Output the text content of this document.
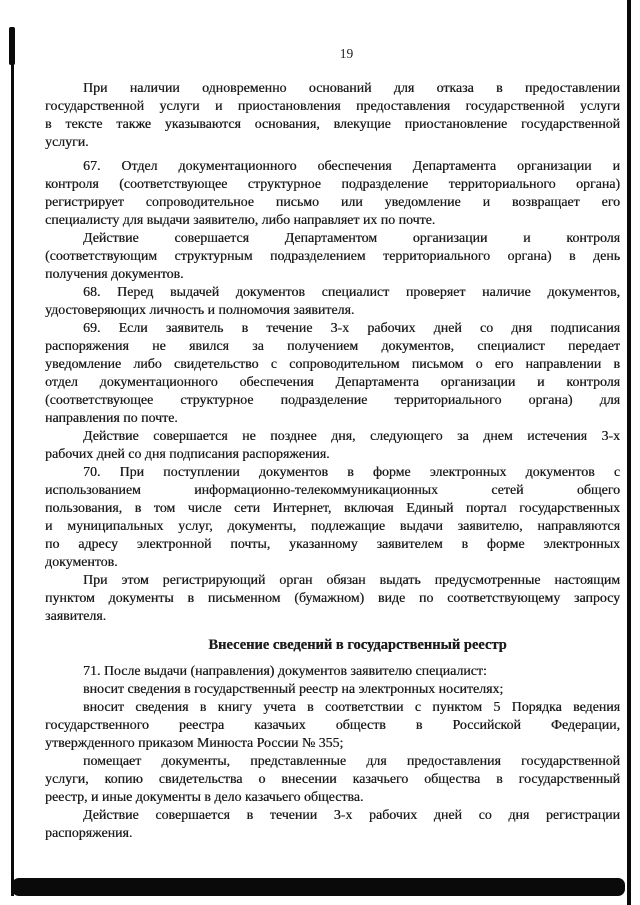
19
При наличии одновременно оснований для отказа в предоставлении
государственной услуги и приостановления предоставления государственной услуги
в тексте также указываются основания, влекущие приостановление государственной
услуги.
67. Отдел документационного обеспечения Департамента организации и
контроля (соответствующее структурное подразделение территориального органа)
регистрирует сопроводительное письмо или уведомление и возвращает его
специалисту для выдачи заявителю, либо направляет их по почте.
Действие совершается Департаментом организации и контроля
(соответствующим структурным подразделением территориального органа) в день
получения документов.
68. Перед выдачей документов специалист проверяет наличие документов,
удостоверяющих личность и полномочия заявителя.
69. Если заявитель в течение 3-х рабочих дней со дня подписания
распоряжения не явился за получением документов, специалист передает
уведомление либо свидетельство с сопроводительном письмом о его направлении в
отдел документационного обеспечения Департамента организации и контроля
(соответствующее структурное подразделение территориального органа) для
направления по почте.
Действие совершается не позднее дня, следующего за днем истечения 3-х
рабочих дней со дня подписания распоряжения.
70. При поступлении документов в форме электронных документов с
использованием информационно-телекоммуникационных сетей общего
пользования, в том числе сети Интернет, включая Единый портал государственных
и муниципальных услуг, документы, подлежащие выдачи заявителю, направляются
по адресу электронной почты, указанному заявителем в форме электронных
документов.
При этом регистрирующий орган обязан выдать предусмотренные настоящим
пунктом документы в письменном (бумажном) виде по соответствующему запросу
заявителя.
Внесение сведений в государственный реестр
71. После выдачи (направления) документов заявителю специалист:
вносит сведения в государственный реестр на электронных носителях;
вносит сведения в книгу учета в соответствии с пунктом 5 Порядка ведения
государственного реестра казачьих обществ в Российской Федерации,
утвержденного приказом Минюста России № 355;
помещает документы, представленные для предоставления государственной
услуги, копию свидетельства о внесении казачьего общества в государственный
реестр, и иные документы в дело казачьего общества.
Действие совершается в течении 3-х рабочих дней со дня регистрации
распоряжения.
